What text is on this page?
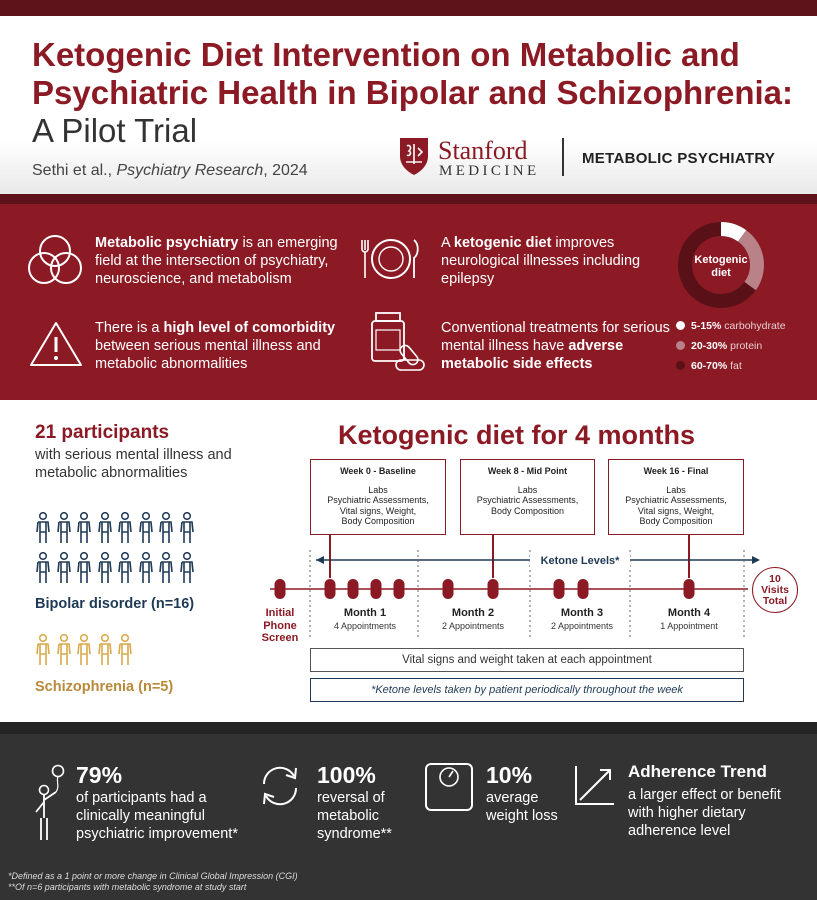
Ketogenic Diet Intervention on Metabolic and
Psychiatric Health in Bipolar and Schizophrenia:
A Pilot Trial
Sethi et al., Psychiatry Research, 2024
Stanford
MEDICINE
METABOLIC PSYCHIATRY
Metabolic psychiatry is an emerging field at the intersection of psychiatry, neuroscience, and metabolism
There is a high level of comorbidity between serious mental illness and metabolic abnormalities
A ketogenic diet improves neurological illnesses including epilepsy
Conventional treatments for serious mental illness have adverse metabolic side effects
Ketogenic
diet
5-15% carbohydrate
20-30% protein
60-70% fat
21 participants
with serious mental illness and metabolic abnormalities
Bipolar disorder (n=16)
Schizophrenia (n=5)
Ketogenic diet for 4 months
Week 0 - Baseline
Labs
Psychiatric Assessments,
Vital signs, Weight,
Body Composition
Week 8 - Mid Point
Labs
Psychiatric Assessments,
Body Composition
Week 16 - Final
Labs
Psychiatric Assessments,
Vital signs, Weight,
Body Composition
Ketone Levels*
Initial Phone Screen
Month 1
4 Appointments
Month 2
2 Appointments
Month 3
2 Appointments
Month 4
1 Appointment
10
Visits
Total
Vital signs and weight taken at each appointment
*Ketone levels taken by patient periodically throughout the week
79%
of participants had a clinically meaningful psychiatric improvement*
100%
reversal of metabolic syndrome**
10%
average weight loss
Adherence Trend
a larger effect or benefit with higher dietary adherence level
*Defined as a 1 point or more change in Clinical Global Impression (CGI)
**Of n=6 participants with metabolic syndrome at study start
